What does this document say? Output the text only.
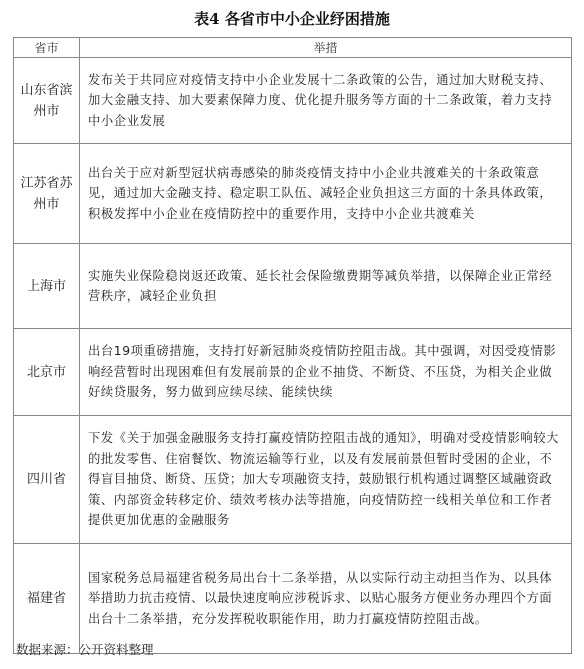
表4 各省市中小企业纾困措施
省市	举措
山东省滨州市	发布关于共同应对疫情支持中小企业发展十二条政策的公告，通过加大财税支持、加大金融支持、加大要素保障力度、优化提升服务等方面的十二条政策，着力支持中小企业发展
江苏省苏州市	出台关于应对新型冠状病毒感染的肺炎疫情支持中小企业共渡难关的十条政策意见，通过加大金融支持、稳定职工队伍、减轻企业负担这三方面的十条具体政策，积极发挥中小企业在疫情防控中的重要作用，支持中小企业共渡难关
上海市	实施失业保险稳岗返还政策、延长社会保险缴费期等减负举措，以保障企业正常经营秩序，减轻企业负担
北京市	出台19项重磅措施，支持打好新冠肺炎疫情防控阻击战。其中强调，对因受疫情影响经营暂时出现困难但有发展前景的企业不抽贷、不断贷、不压贷，为相关企业做好续贷服务，努力做到应续尽续、能续快续
四川省	下发《关于加强金融服务支持打赢疫情防控阻击战的通知》，明确对受疫情影响较大的批发零售、住宿餐饮、物流运输等行业，以及有发展前景但暂时受困的企业，不得盲目抽贷、断贷、压贷；加大专项融资支持，鼓励银行机构通过调整区域融资政策、内部资金转移定价、绩效考核办法等措施，向疫情防控一线相关单位和工作者提供更加优惠的金融服务
福建省	国家税务总局福建省税务局出台十二条举措，从以实际行动主动担当作为、以具体举措助力抗击疫情、以最快速度响应涉税诉求、以贴心服务方便业务办理四个方面出台十二条举措，充分发挥税收职能作用，助力打赢疫情防控阻击战。
数据来源：公开资料整理
